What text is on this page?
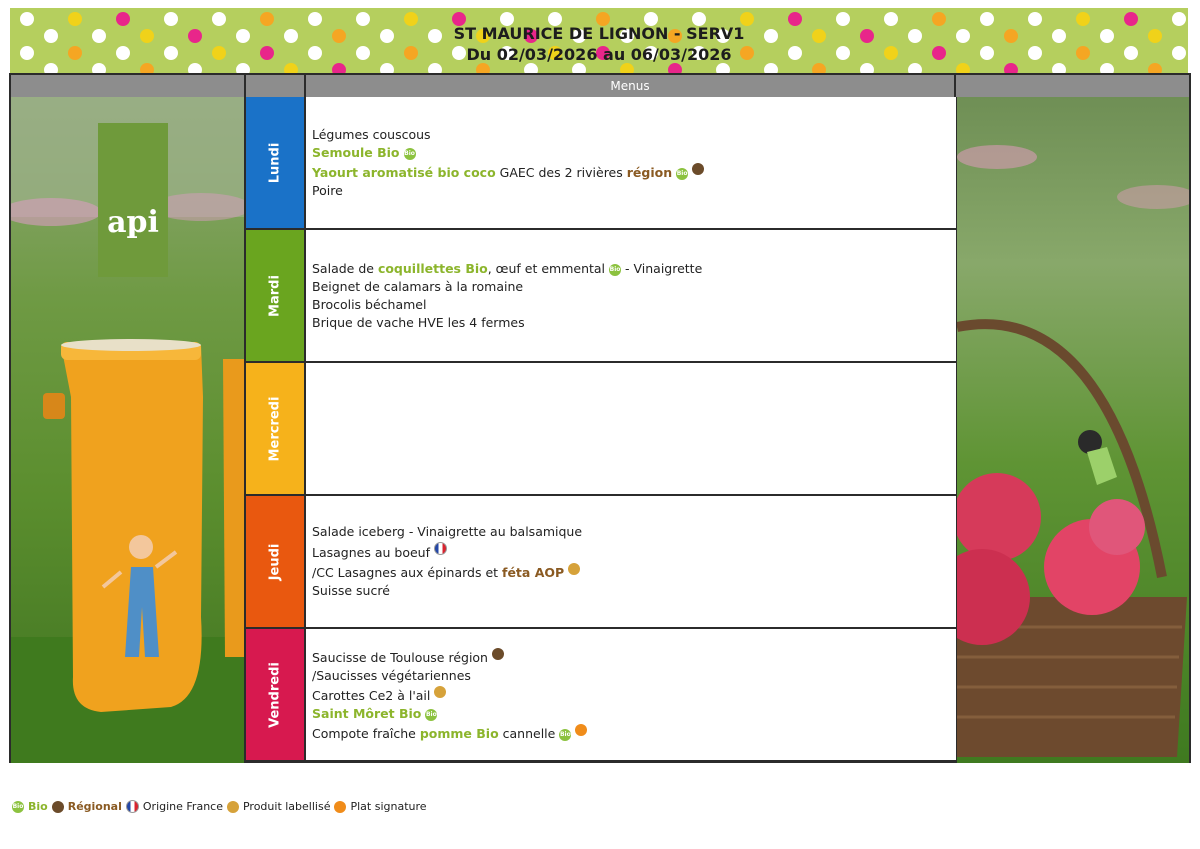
ST MAURICE DE LIGNON - SERV1
Du 02/03/2026 au 06/03/2026
Menus
api
Lundi
Légumes couscous
Semoule Bio Bio
Yaourt aromatisé bio coco GAEC des 2 rivières région Bio
Poire
Mardi
Salade de coquillettes Bio, œuf et emmental Bio - Vinaigrette
Beignet de calamars à la romaine
Brocolis béchamel
Brique de vache HVE les 4 fermes
Mercredi
Jeudi
Salade iceberg - Vinaigrette au balsamique
Lasagnes au boeuf
/CC Lasagnes aux épinards et féta AOP
Suisse sucré
Vendredi
Saucisse de Toulouse région
/Saucisses végétariennes
Carottes Ce2 à l'ail
Saint Môret Bio Bio
Compote fraîche pomme Bio cannelle Bio
Bio Bio Régional Origine France Produit labellisé Plat signature
